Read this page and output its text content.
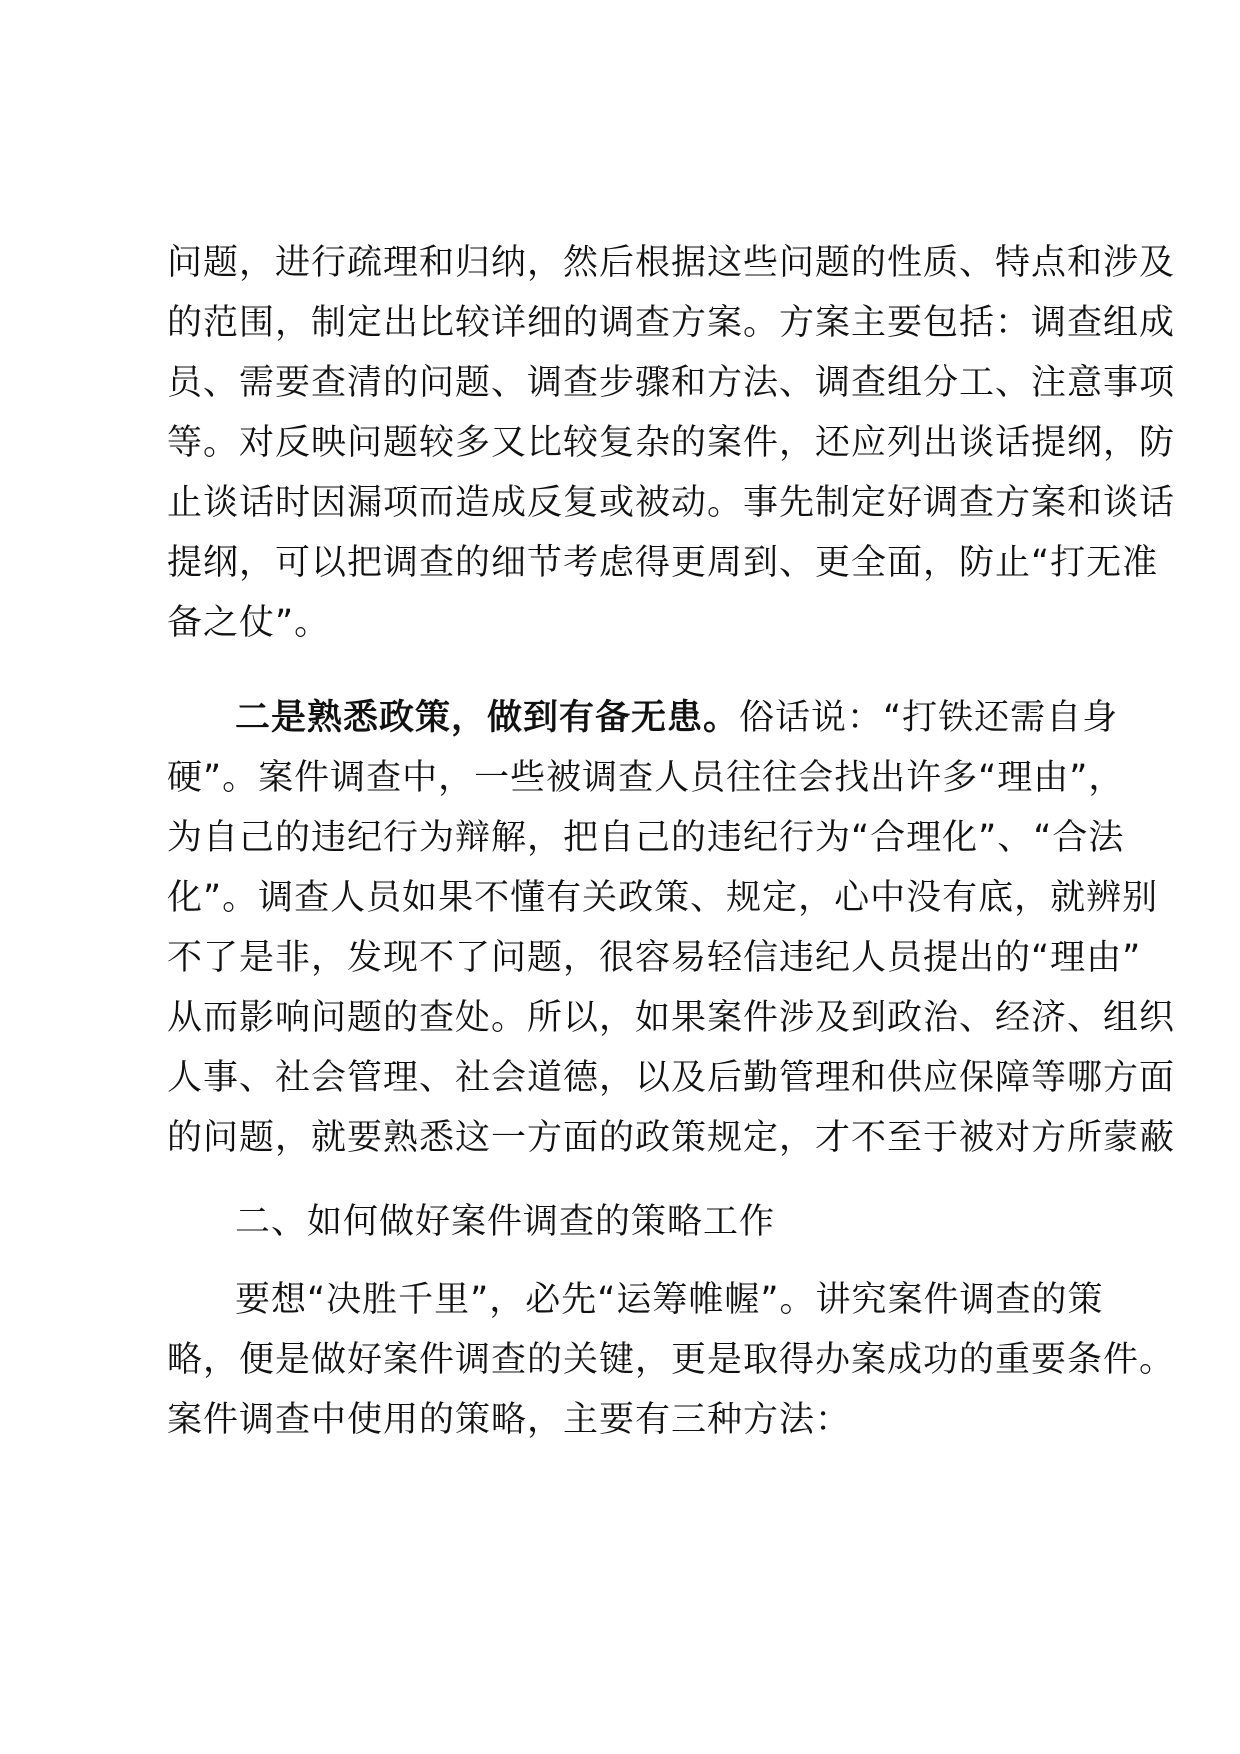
问题，进行疏理和归纳，然后根据这些问题的性质、特点和涉及
的范围，制定出比较详细的调查方案。方案主要包括：调查组成
员、需要查清的问题、调查步骤和方法、调查组分工、注意事项
等。对反映问题较多又比较复杂的案件，还应列出谈话提纲，防
止谈话时因漏项而造成反复或被动。事先制定好调查方案和谈话
提纲，可以把调查的细节考虑得更周到、更全面，防止“打无准
备之仗”。
二是熟悉政策，做到有备无患。俗话说：“打铁还需自身
硬”。案件调查中，一些被调查人员往往会找出许多“理由”，
为自己的违纪行为辩解，把自己的违纪行为“合理化”、“合法
化”。调查人员如果不懂有关政策、规定，心中没有底，就辨别
不了是非，发现不了问题，很容易轻信违纪人员提出的“理由”
从而影响问题的查处。所以，如果案件涉及到政治、经济、组织
人事、社会管理、社会道德，以及后勤管理和供应保障等哪方面
的问题，就要熟悉这一方面的政策规定，才不至于被对方所蒙蔽
二、如何做好案件调查的策略工作
要想“决胜千里”，必先“运筹帷幄”。讲究案件调查的策
略，便是做好案件调查的关键，更是取得办案成功的重要条件。
案件调查中使用的策略，主要有三种方法：
